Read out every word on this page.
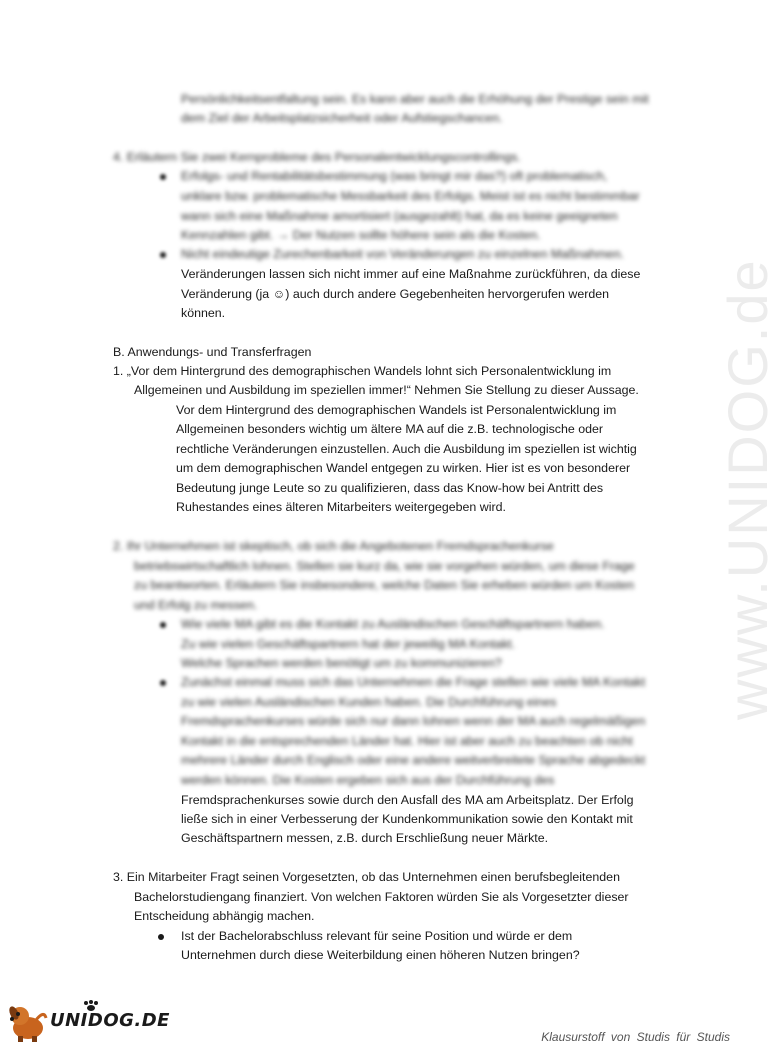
www.UNIDOG.de
Persönlichkeitsentfaltung sein. Es kann aber auch die Erhöhung der Prestige sein mit
dem Ziel der Arbeitsplatzsicherheit oder Aufstiegschancen.
4. Erläutern Sie zwei Kernprobleme des Personalentwicklungscontrollings.
Erfolgs- und Rentabilitätsbestimmung (was bringt mir das?) oft problematisch,
unklare bzw. problematische Messbarkeit des Erfolgs. Meist ist es nicht bestimmbar
wann sich eine Maßnahme amortisiert (ausgezahlt) hat, da es keine geeigneten
Kennzahlen gibt. → Der Nutzen sollte höhere sein als die Kosten.
Nicht eindeutige Zurechenbarkeit von Veränderungen zu einzelnen Maßnahmen.
Veränderungen lassen sich nicht immer auf eine Maßnahme zurückführen, da diese
Veränderung (ja ☺) auch durch andere Gegebenheiten hervorgerufen werden
können.
B. Anwendungs- und Transferfragen
1. „Vor dem Hintergrund des demographischen Wandels lohnt sich Personalentwicklung im
Allgemeinen und Ausbildung im speziellen immer!“ Nehmen Sie Stellung zu dieser Aussage.
Vor dem Hintergrund des demographischen Wandels ist Personalentwicklung im
Allgemeinen besonders wichtig um ältere MA auf die z.B. technologische oder
rechtliche Veränderungen einzustellen. Auch die Ausbildung im speziellen ist wichtig
um dem demographischen Wandel entgegen zu wirken. Hier ist es von besonderer
Bedeutung junge Leute so zu qualifizieren, dass das Know-how bei Antritt des
Ruhestandes eines älteren Mitarbeiters weitergegeben wird.
2. Ihr Unternehmen ist skeptisch, ob sich die Angebotenen Fremdsprachenkurse
betriebswirtschaftlich lohnen. Stellen sie kurz da, wie sie vorgehen würden, um diese Frage
zu beantworten. Erläutern Sie insbesondere, welche Daten Sie erheben würden um Kosten
und Erfolg zu messen.
Wie viele MA gibt es die Kontakt zu Ausländischen Geschäftspartnern haben.
Zu wie vielen Geschäftspartnern hat der jeweilig MA Kontakt.
Welche Sprachen werden benötigt um zu kommunizieren?
Zunächst einmal muss sich das Unternehmen die Frage stellen wie viele MA Kontakt
zu wie vielen Ausländischen Kunden haben. Die Durchführung eines
Fremdsprachenkurses würde sich nur dann lohnen wenn der MA auch regelmäßigen
Kontakt in die entsprechenden Länder hat. Hier ist aber auch zu beachten ob nicht
mehrere Länder durch Englisch oder eine andere weitverbreitete Sprache abgedeckt
werden können. Die Kosten ergeben sich aus der Durchführung des
Fremdsprachenkurses sowie durch den Ausfall des MA am Arbeitsplatz. Der Erfolg
ließe sich in einer Verbesserung der Kundenkommunikation sowie den Kontakt mit
Geschäftspartnern messen, z.B. durch Erschließung neuer Märkte.
3. Ein Mitarbeiter Fragt seinen Vorgesetzten, ob das Unternehmen einen berufsbegleitenden
Bachelorstudiengang finanziert. Von welchen Faktoren würden Sie als Vorgesetzter dieser
Entscheidung abhängig machen.
Ist der Bachelorabschluss relevant für seine Position und würde er dem
Unternehmen durch diese Weiterbildung einen höheren Nutzen bringen?
UNIDOG.DE
Klausurstoff von Studis für Studis
